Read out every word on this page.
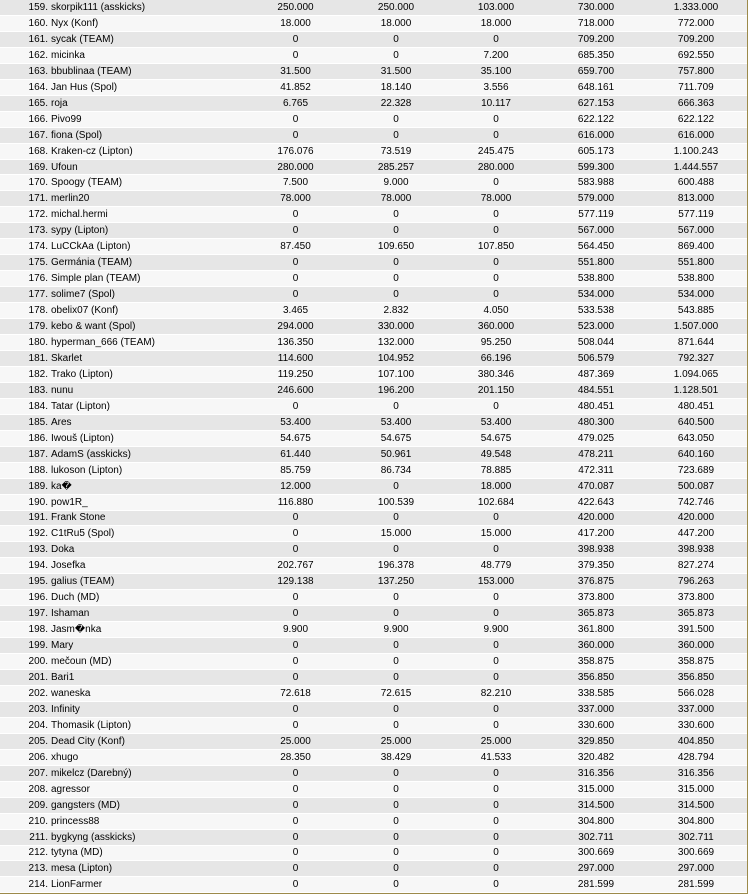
159. skorpik111 (asskicks)	250.000	250.000	103.000	730.000	1.333.000
160. Nyx (Konf)	18.000	18.000	18.000	718.000	772.000
161. sycak (TEAM)	0	0	0	709.200	709.200
162. micinka	0	0	7.200	685.350	692.550
163. bbublinaa (TEAM)	31.500	31.500	35.100	659.700	757.800
164. Jan Hus (Spol)	41.852	18.140	3.556	648.161	711.709
165. roja	6.765	22.328	10.117	627.153	666.363
166. Pivo99	0	0	0	622.122	622.122
167. fiona (Spol)	0	0	0	616.000	616.000
168. Kraken-cz (Lipton)	176.076	73.519	245.475	605.173	1.100.243
169. Ufoun	280.000	285.257	280.000	599.300	1.444.557
170. Spoogy (TEAM)	7.500	9.000	0	583.988	600.488
171. merlin20	78.000	78.000	78.000	579.000	813.000
172. michal.hermi	0	0	0	577.119	577.119
173. sypy (Lipton)	0	0	0	567.000	567.000
174. LuCCkAa (Lipton)	87.450	109.650	107.850	564.450	869.400
175. Germánia (TEAM)	0	0	0	551.800	551.800
176. Simple plan (TEAM)	0	0	0	538.800	538.800
177. solime7 (Spol)	0	0	0	534.000	534.000
178. obelix07 (Konf)	3.465	2.832	4.050	533.538	543.885
179. kebo & want (Spol)	294.000	330.000	360.000	523.000	1.507.000
180. hyperman_666 (TEAM)	136.350	132.000	95.250	508.044	871.644
181. Skarlet	114.600	104.952	66.196	506.579	792.327
182. Trako (Lipton)	119.250	107.100	380.346	487.369	1.094.065
183. nunu	246.600	196.200	201.150	484.551	1.128.501
184. Tatar (Lipton)	0	0	0	480.451	480.451
185. Ares	53.400	53.400	53.400	480.300	640.500
186. Iwouš (Lipton)	54.675	54.675	54.675	479.025	643.050
187. AdamS (asskicks)	61.440	50.961	49.548	478.211	640.160
188. lukoson (Lipton)	85.759	86.734	78.885	472.311	723.689
189. ka�	12.000	0	18.000	470.087	500.087
190. pow1R_	116.880	100.539	102.684	422.643	742.746
191. Frank Stone	0	0	0	420.000	420.000
192. C1tRu5 (Spol)	0	15.000	15.000	417.200	447.200
193. Doka	0	0	0	398.938	398.938
194. Josefka	202.767	196.378	48.779	379.350	827.274
195. galius (TEAM)	129.138	137.250	153.000	376.875	796.263
196. Duch (MD)	0	0	0	373.800	373.800
197. Ishaman	0	0	0	365.873	365.873
198. Jasm�nka	9.900	9.900	9.900	361.800	391.500
199. Mary	0	0	0	360.000	360.000
200. mečoun (MD)	0	0	0	358.875	358.875
201. Bari1	0	0	0	356.850	356.850
202. waneska	72.618	72.615	82.210	338.585	566.028
203. Infinity	0	0	0	337.000	337.000
204. Thomasik (Lipton)	0	0	0	330.600	330.600
205. Dead City (Konf)	25.000	25.000	25.000	329.850	404.850
206. xhugo	28.350	38.429	41.533	320.482	428.794
207. mikelcz (Darebný)	0	0	0	316.356	316.356
208. agressor	0	0	0	315.000	315.000
209. gangsters (MD)	0	0	0	314.500	314.500
210. princess88	0	0	0	304.800	304.800
211. bygkyng (asskicks)	0	0	0	302.711	302.711
212. tytyna (MD)	0	0	0	300.669	300.669
213. mesa (Lipton)	0	0	0	297.000	297.000
214. LionFarmer	0	0	0	281.599	281.599
